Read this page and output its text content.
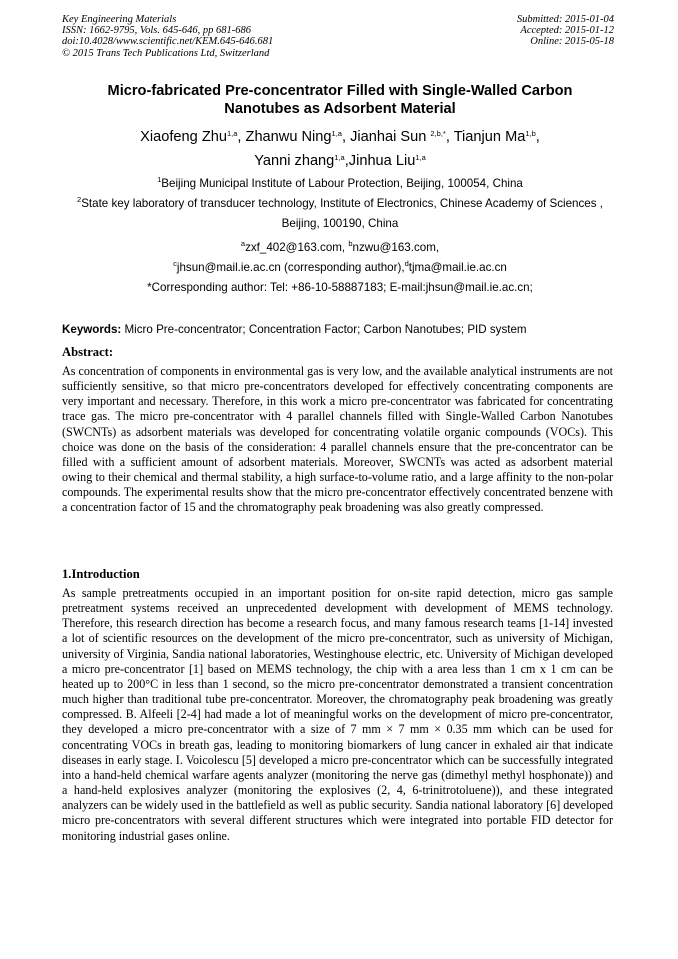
Key Engineering Materials
ISSN: 1662-9795, Vols. 645-646, pp 681-686
doi:10.4028/www.scientific.net/KEM.645-646.681
© 2015 Trans Tech Publications Ltd, Switzerland
Submitted: 2015-01-04
Accepted: 2015-01-12
Online: 2015-05-18
Micro-fabricated Pre-concentrator Filled with Single-Walled Carbon
Nanotubes as Adsorbent Material
Xiaofeng Zhu$^{1,a}$, Zhanwu Ning$^{1,a}$, Jianhai Sun $^{2,b,*}$, Tianjun Ma$^{1,b}$,
Yanni zhang$^{1,a}$,Jinhua Liu$^{1,a}$
$^1$Beijing Municipal Institute of Labour Protection, Beijing, 100054, China
$^2$State key laboratory of transducer technology, Institute of Electronics, Chinese Academy of Sciences , Beijing, 100190, China
$^a$zxf_402@163.com, $^b$nzwu@163.com,
$^c$jhsun@mail.ie.ac.cn (corresponding author),$^d$tjma@mail.ie.ac.cn
*Corresponding author: Tel: +86-10-58887183; E-mail:jhsun@mail.ie.ac.cn;
Keywords: Micro Pre-concentrator; Concentration Factor; Carbon Nanotubes; PID system
Abstract:
As concentration of components in environmental gas is very low, and the available analytical instruments are not sufficiently sensitive, so that micro pre-concentrators developed for effectively concentrating components are very important and necessary. Therefore, in this work a micro pre-concentrator was fabricated for concentrating trace gas. The micro pre-concentrator with 4 parallel channels filled with Single-Walled Carbon Nanotubes (SWCNTs) as adsorbent materials was developed for concentrating volatile organic compounds (VOCs). This choice was done on the basis of the consideration: 4 parallel channels ensure that the pre-concentrator can be filled with a sufficient amount of adsorbent materials. Moreover, SWCNTs was acted as adsorbent material owing to their chemical and thermal stability, a high surface-to-volume ratio, and a large affinity to the non-polar compounds. The experimental results show that the micro pre-concentrator effectively concentrated benzene with a concentration factor of 15 and the chromatography peak broadening was also greatly compressed.
1.Introduction
As sample pretreatments occupied in an important position for on-site rapid detection, micro gas sample pretreatment systems received an unprecedented development with development of MEMS technology. Therefore, this research direction has become a research focus, and many famous research teams [1-14] invested a lot of scientific resources on the development of the micro pre-concentrator, such as university of Michigan, university of Virginia, Sandia national laboratories, Westinghouse electric, etc. University of Michigan developed a micro pre-concentrator [1] based on MEMS technology, the chip with a area less than 1 cm x 1 cm can be heated up to 200°C in less than 1 second, so the micro pre-concentrator demonstrated a transient concentration much higher than traditional tube pre-concentrator. Moreover, the chromatography peak broadening was greatly compressed. B. Alfeeli [2-4] had made a lot of meaningful works on the development of micro pre-concentrator, they developed a micro pre-concentrator with a size of 7 mm × 7 mm × 0.35 mm which can be used for concentrating VOCs in breath gas, leading to monitoring biomarkers of lung cancer in exhaled air that indicate diseases in early stage. I. Voicolescu [5] developed a micro pre-concentrator which can be successfully integrated into a hand-held chemical warfare agents analyzer (monitoring the nerve gas (dimethyl methyl hosphonate)) and a hand-held explosives analyzer (monitoring the explosives (2, 4, 6-trinitrotoluene)), and these integrated analyzers can be widely used in the battlefield as well as public security. Sandia national laboratory [6] developed micro pre-concentrators with several different structures which were integrated into portable FID detector for monitoring industrial gases online.
